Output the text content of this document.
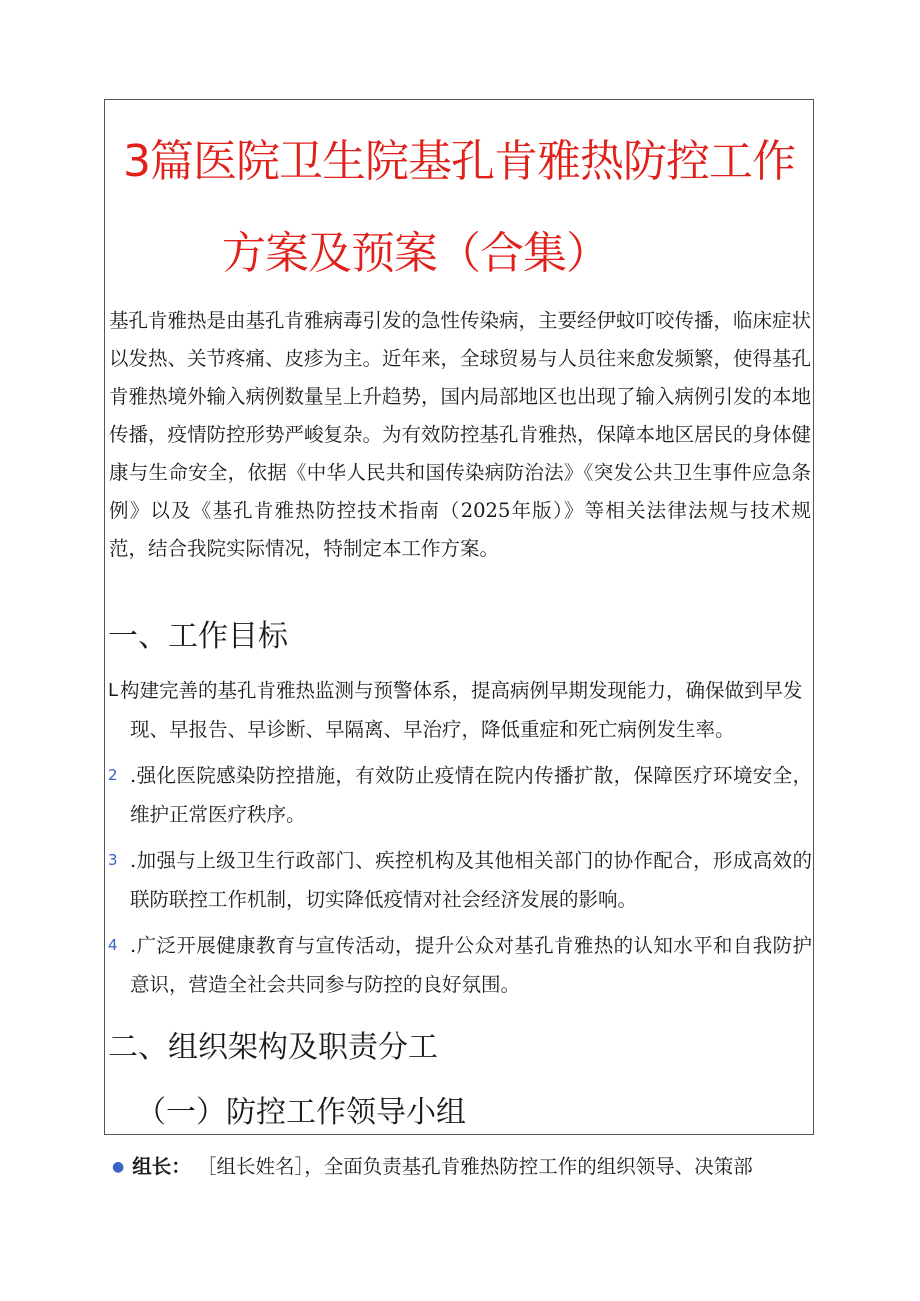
3篇医院卫生院基孔肯雅热防控工作
方案及预案（合集）

基孔肯雅热是由基孔肯雅病毒引发的急性传染病，主要经伊蚊叮咬传播，临床症状以发热、关节疼痛、皮疹为主。近年来，全球贸易与人员往来愈发频繁，使得基孔肯雅热境外输入病例数量呈上升趋势，国内局部地区也出现了输入病例引发的本地传播，疫情防控形势严峻复杂。为有效防控基孔肯雅热，保障本地区居民的身体健康与生命安全，依据《中华人民共和国传染病防治法》《突发公共卫生事件应急条例》以及《基孔肯雅热防控技术指南（2025年版）》等相关法律法规与技术规范，结合我院实际情况，特制定本工作方案。

一、工作目标
L 构建完善的基孔肯雅热监测与预警体系，提高病例早期发现能力，确保做到早发
现、早报告、早诊断、早隔离、早治疗，降低重症和死亡病例发生率。
2 .强化医院感染防控措施，有效防止疫情在院内传播扩散，保障医疗环境安全，维护正常医疗秩序。
3 .加强与上级卫生行政部门、疾控机构及其他相关部门的协作配合，形成高效的联防联控工作机制，切实降低疫情对社会经济发展的影响。
4 .广泛开展健康教育与宣传活动，提升公众对基孔肯雅热的认知水平和自我防护意识，营造全社会共同参与防控的良好氛围。
二、组织架构及职责分工
（一）防控工作领导小组
● 组长： ［组长姓名］，全面负责基孔肯雅热防控工作的组织领导、决策部
